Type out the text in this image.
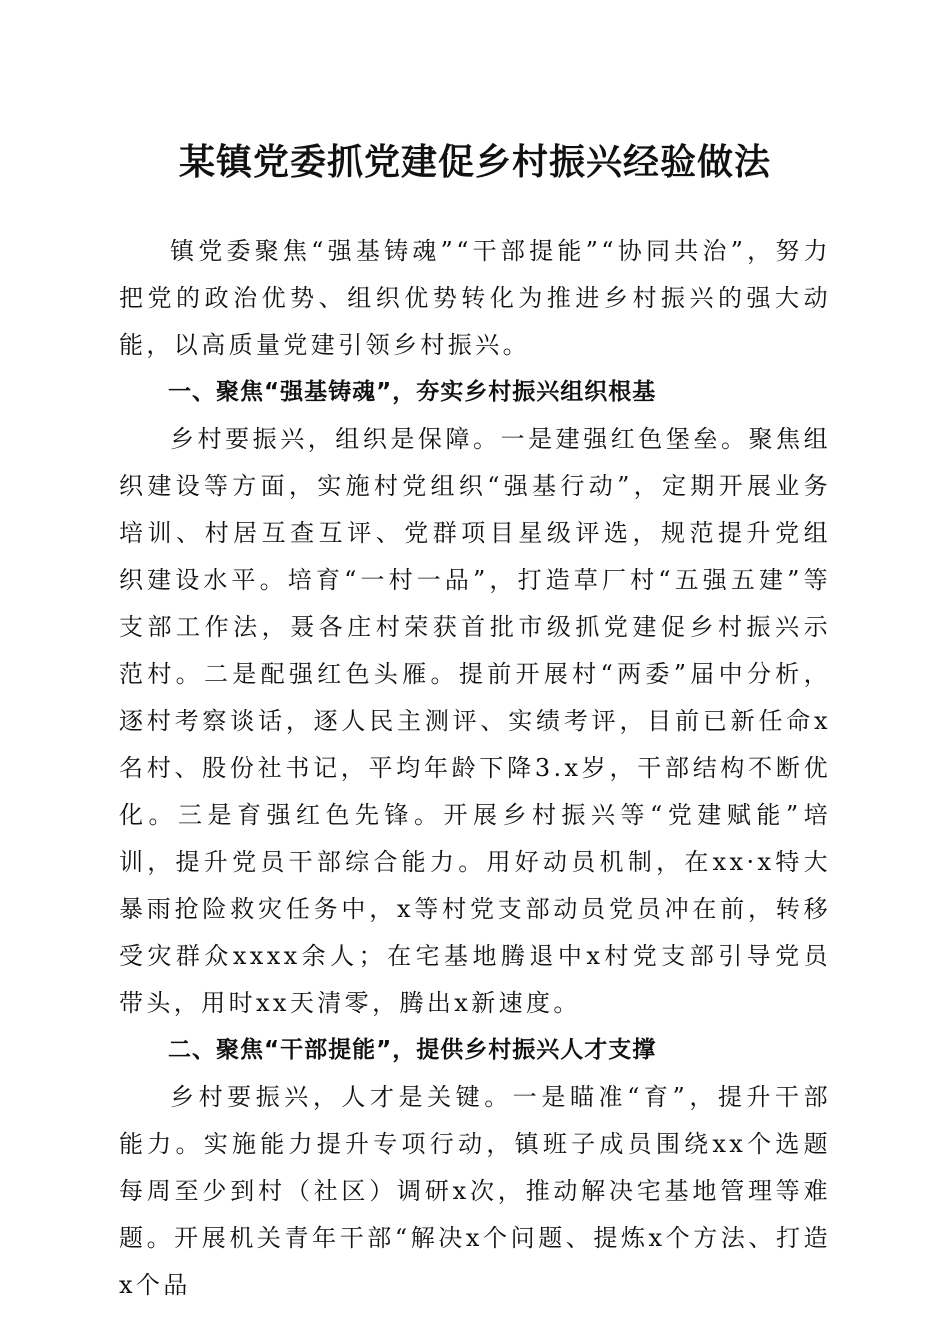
某镇党委抓党建促乡村振兴经验做法

镇党委聚焦“强基铸魂”“干部提能”“协同共治”，努力把党的政治优势、组织优势转化为推进乡村振兴的强大动能，以高质量党建引领乡村振兴。

一、聚焦“强基铸魂”，夯实乡村振兴组织根基

乡村要振兴，组织是保障。一是建强红色堡垒。聚焦组织建设等方面，实施村党组织“强基行动”，定期开展业务培训、村居互查互评、党群项目星级评选，规范提升党组织建设水平。培育“一村一品”，打造草厂村“五强五建”等支部工作法，聂各庄村荣获首批市级抓党建促乡村振兴示范村。二是配强红色头雁。提前开展村“两委”届中分析，逐村考察谈话，逐人民主测评、实绩考评，目前已新任命x名村、股份社书记，平均年龄下降3.x岁，干部结构不断优化。三是育强红色先锋。开展乡村振兴等“党建赋能”培训，提升党员干部综合能力。用好动员机制，在xx·x特大暴雨抢险救灾任务中，x等村党支部动员党员冲在前，转移受灾群众xxxx余人；在宅基地腾退中x村党支部引导党员带头，用时xx天清零，腾出x新速度。

二、聚焦“干部提能”，提供乡村振兴人才支撑

乡村要振兴，人才是关键。一是瞄准“育”，提升干部能力。实施能力提升专项行动，镇班子成员围绕xx个选题每周至少到村（社区）调研x次，推动解决宅基地管理等难题。开展机关青年干部“解决x个问题、提炼x个方法、打造x个品
